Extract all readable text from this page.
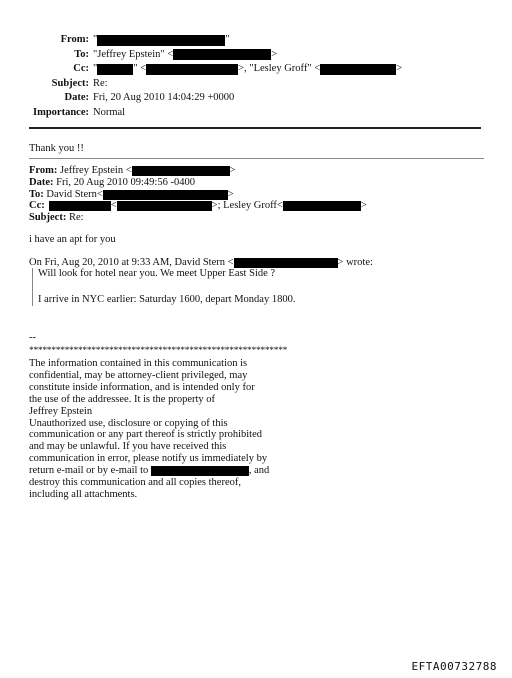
From: "	"
To: "Jeffrey Epstein" <	>
Cc: "	" <	>, "Lesley Groff" <	>
Subject: Re:
Date: Fri, 20 Aug 2010 14:04:29 +0000
Importance: Normal
Thank you !!
From: Jeffrey Epstein <	>
Date: Fri, 20 Aug 2010 09:49:56 -0400
To: David Stern<	>
Cc:	<	>; Lesley Groff<	>
Subject: Re:
i have an apt for you
On Fri, Aug 20, 2010 at 9:33 AM, David Stern <	> wrote:
Will look for hotel near you. We meet Upper East Side ?
I arrive in NYC earlier: Saturday 1600, depart Monday 1800.
--
**********************************************************
The information contained in this communication is
confidential, may be attorney-client privileged, may
constitute inside information, and is intended only for
the use of the addressee. It is the property of
Jeffrey Epstein
Unauthorized use, disclosure or copying of this
communication or any part thereof is strictly prohibited
and may be unlawful. If you have received this
communication in error, please notify us immediately by
return e-mail or by e-mail to	, and
destroy this communication and all copies thereof,
including all attachments.
EFTA00732788
